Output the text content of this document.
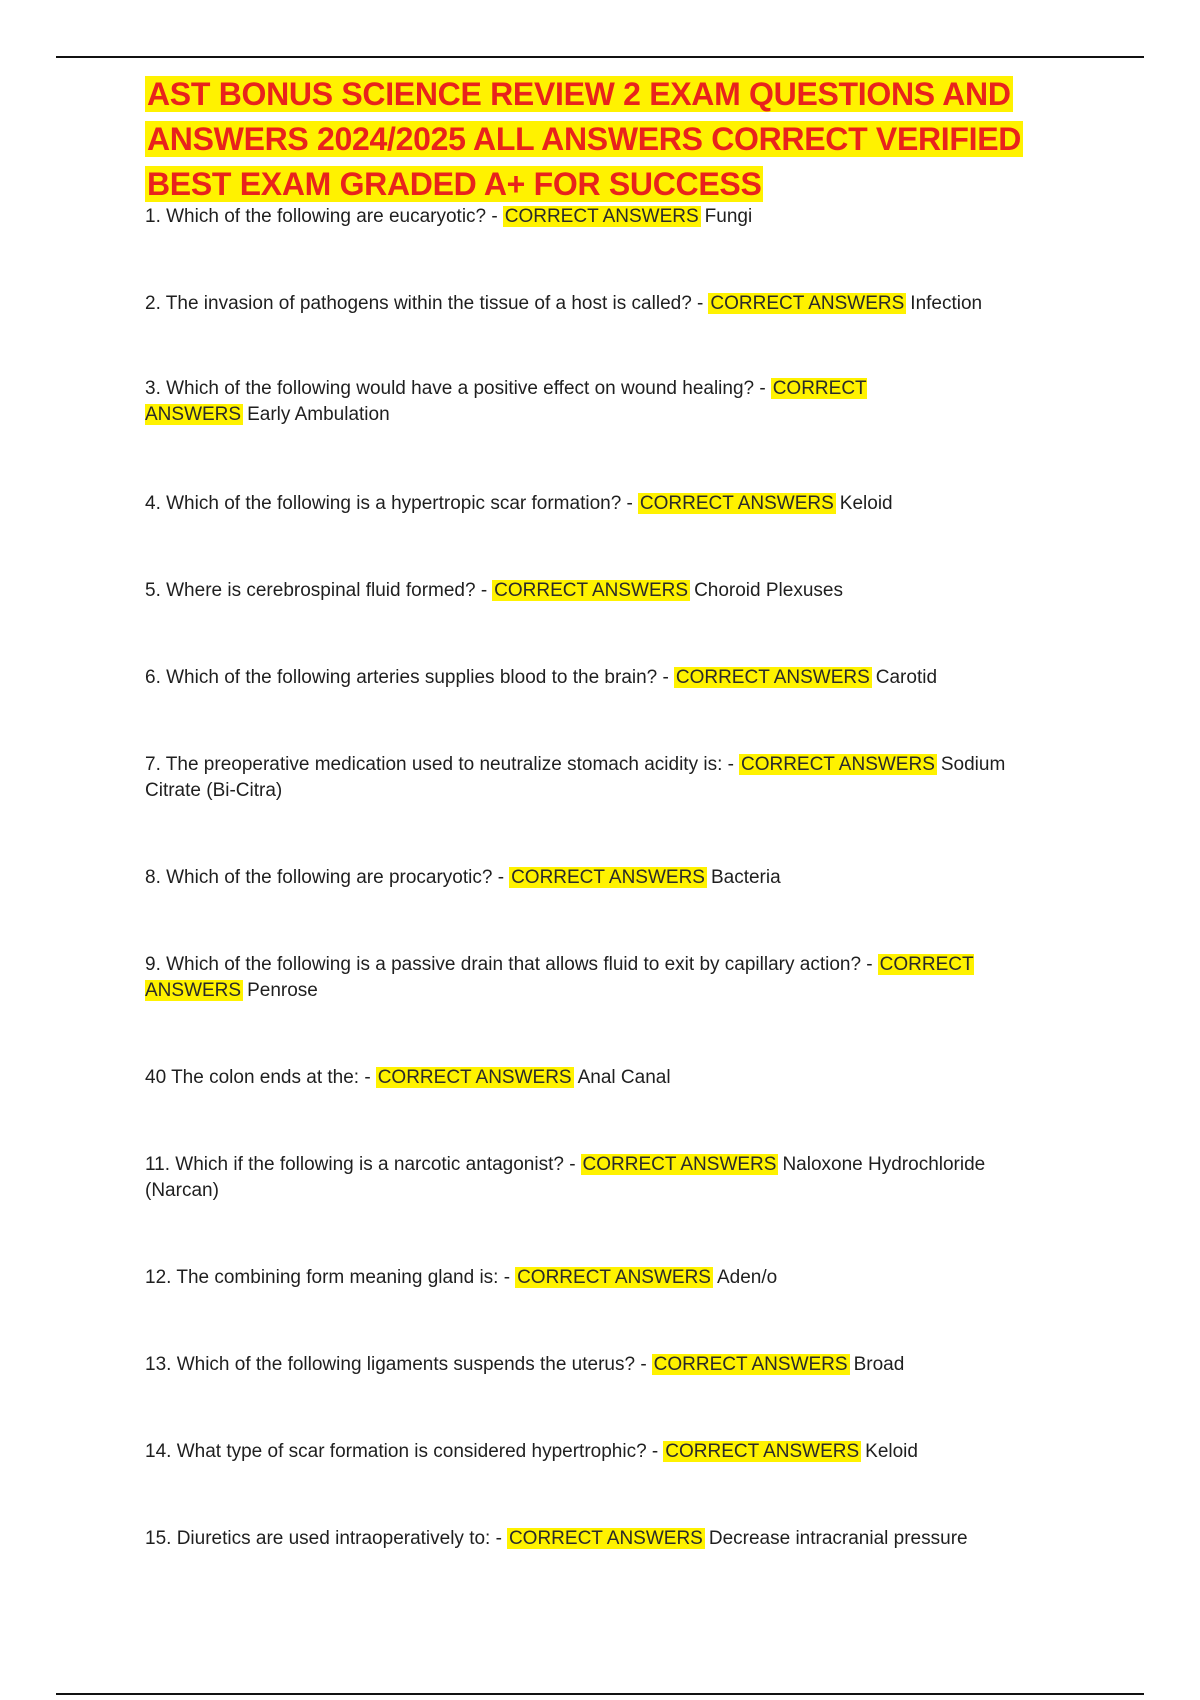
AST BONUS SCIENCE REVIEW 2 EXAM QUESTIONS AND ANSWERS 2024/2025 ALL ANSWERS CORRECT VERIFIED BEST EXAM GRADED A+ FOR SUCCESS
1. Which of the following are eucaryotic? - CORRECT ANSWERS Fungi
2. The invasion of pathogens within the tissue of a host is called? - CORRECT ANSWERS Infection
3. Which of the following would have a positive effect on wound healing? - CORRECT ANSWERS Early Ambulation
4. Which of the following is a hypertropic scar formation? - CORRECT ANSWERS Keloid
5. Where is cerebrospinal fluid formed? - CORRECT ANSWERS Choroid Plexuses
6. Which of the following arteries supplies blood to the brain? - CORRECT ANSWERS Carotid
7. The preoperative medication used to neutralize stomach acidity is: - CORRECT ANSWERS Sodium Citrate (Bi-Citra)
8. Which of the following are procaryotic? - CORRECT ANSWERS Bacteria
9. Which of the following is a passive drain that allows fluid to exit by capillary action? - CORRECT ANSWERS Penrose
40 The colon ends at the: - CORRECT ANSWERS Anal Canal
11. Which if the following is a narcotic antagonist? - CORRECT ANSWERS Naloxone Hydrochloride (Narcan)
12. The combining form meaning gland is: - CORRECT ANSWERS Aden/o
13. Which of the following ligaments suspends the uterus? - CORRECT ANSWERS Broad
14. What type of scar formation is considered hypertrophic? - CORRECT ANSWERS Keloid
15. Diuretics are used intraoperatively to: - CORRECT ANSWERS Decrease intracranial pressure
